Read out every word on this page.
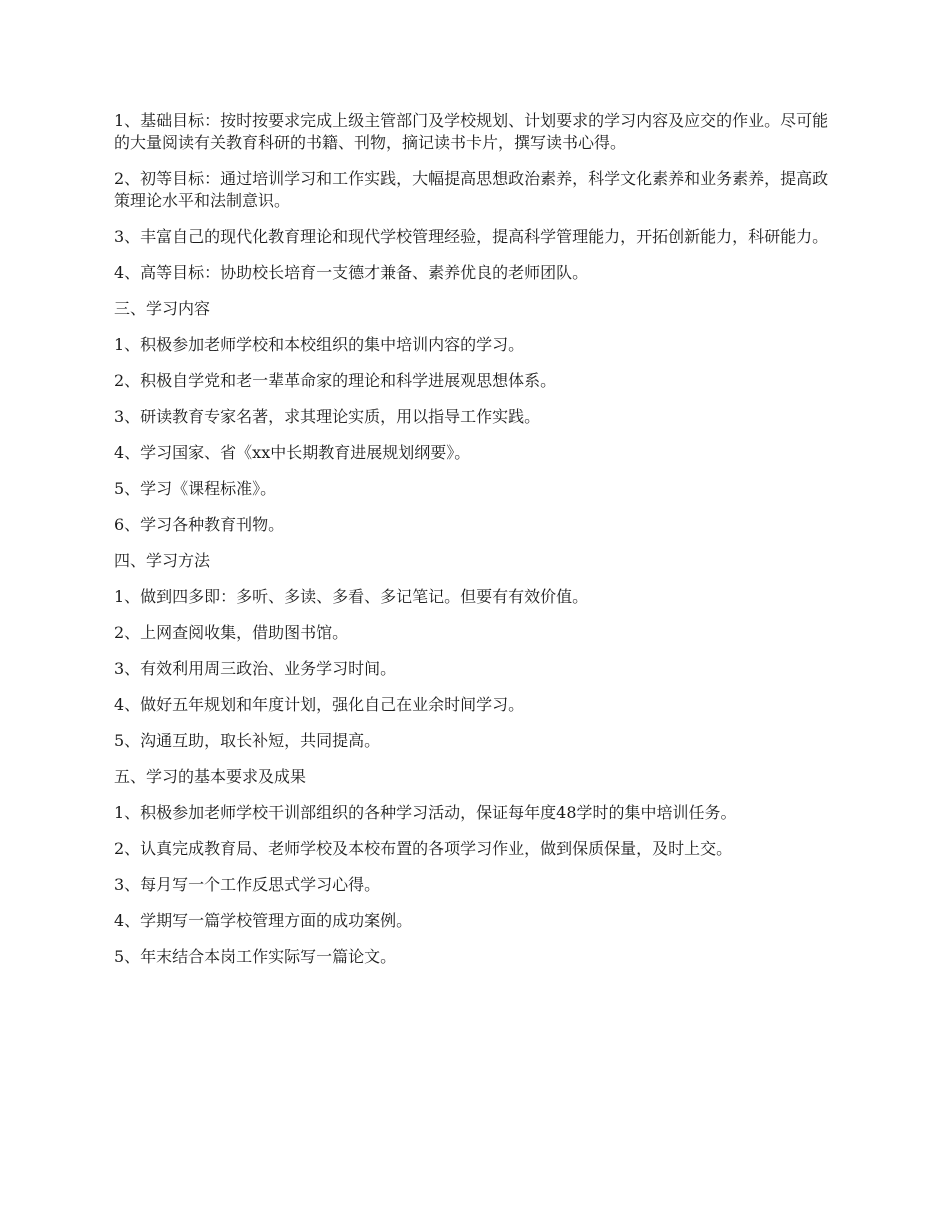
1、基础目标：按时按要求完成上级主管部门及学校规划、计划要求的学习内容及应交的作业。尽可能的大量阅读有关教育科研的书籍、刊物，摘记读书卡片，撰写读书心得。

2、初等目标：通过培训学习和工作实践，大幅提高思想政治素养，科学文化素养和业务素养，提高政策理论水平和法制意识。

3、丰富自己的现代化教育理论和现代学校管理经验，提高科学管理能力，开拓创新能力，科研能力。

4、高等目标：协助校长培育一支德才兼备、素养优良的老师团队。

三、学习内容

1、积极参加老师学校和本校组织的集中培训内容的学习。

2、积极自学党和老一辈革命家的理论和科学进展观思想体系。

3、研读教育专家名著，求其理论实质，用以指导工作实践。

4、学习国家、省《xx中长期教育进展规划纲要》。

5、学习《课程标准》。

6、学习各种教育刊物。

四、学习方法

1、做到四多即：多听、多读、多看、多记笔记。但要有有效价值。

2、上网查阅收集，借助图书馆。

3、有效利用周三政治、业务学习时间。

4、做好五年规划和年度计划，强化自己在业余时间学习。

5、沟通互助，取长补短，共同提高。

五、学习的基本要求及成果

1、积极参加老师学校干训部组织的各种学习活动，保证每年度48学时的集中培训任务。

2、认真完成教育局、老师学校及本校布置的各项学习作业，做到保质保量，及时上交。

3、每月写一个工作反思式学习心得。

4、学期写一篇学校管理方面的成功案例。

5、年末结合本岗工作实际写一篇论文。
